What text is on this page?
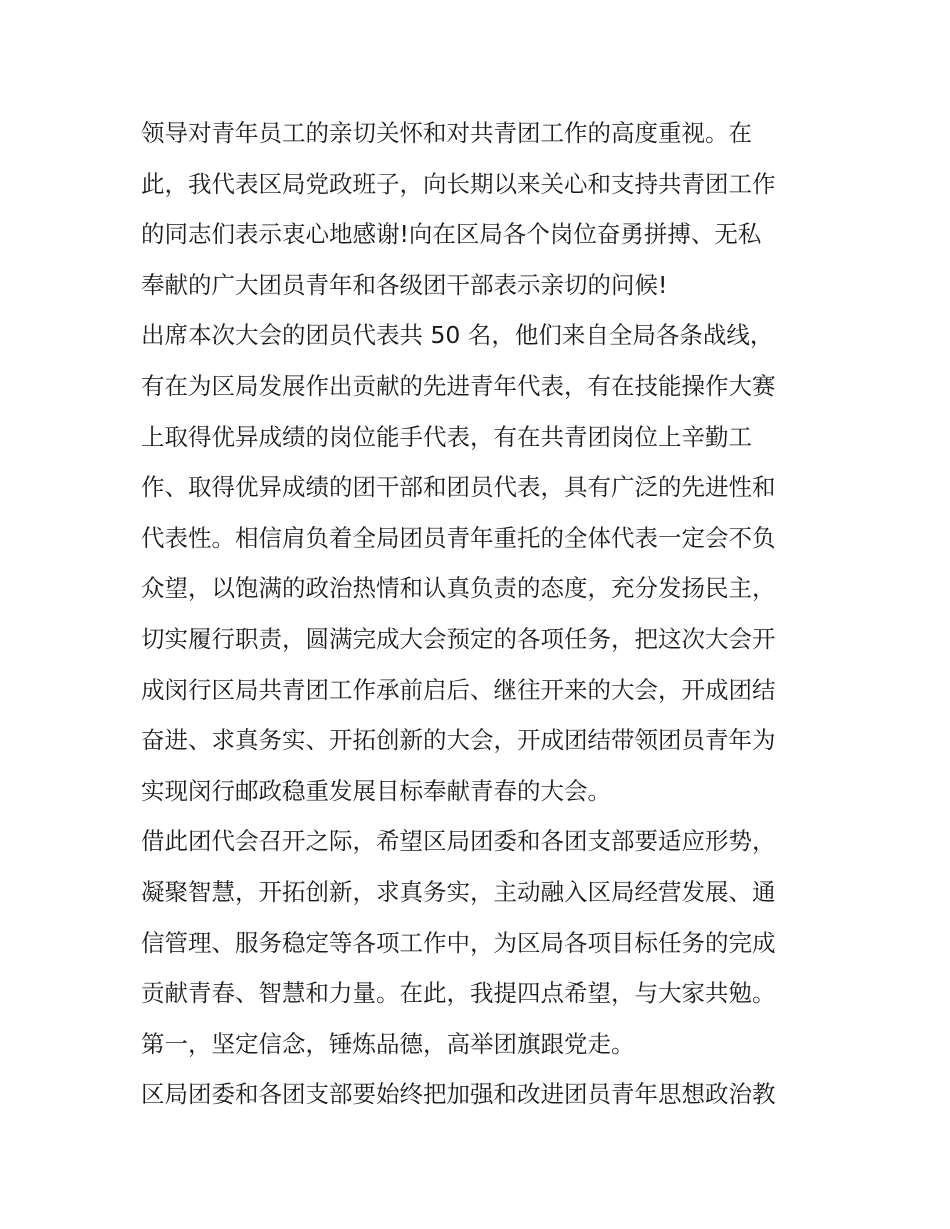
领导对青年员工的亲切关怀和对共青团工作的高度重视。在
此，我代表区局党政班子，向长期以来关心和支持共青团工作
的同志们表示衷心地感谢!向在区局各个岗位奋勇拼搏、无私
奉献的广大团员青年和各级团干部表示亲切的问候!
出席本次大会的团员代表共 50 名，他们来自全局各条战线，
有在为区局发展作出贡献的先进青年代表，有在技能操作大赛
上取得优异成绩的岗位能手代表，有在共青团岗位上辛勤工
作、取得优异成绩的团干部和团员代表，具有广泛的先进性和
代表性。相信肩负着全局团员青年重托的全体代表一定会不负
众望，以饱满的政治热情和认真负责的态度，充分发扬民主，
切实履行职责，圆满完成大会预定的各项任务，把这次大会开
成闵行区局共青团工作承前启后、继往开来的大会，开成团结
奋进、求真务实、开拓创新的大会，开成团结带领团员青年为
实现闵行邮政稳重发展目标奉献青春的大会。
借此团代会召开之际，希望区局团委和各团支部要适应形势，
凝聚智慧，开拓创新，求真务实，主动融入区局经营发展、通
信管理、服务稳定等各项工作中，为区局各项目标任务的完成
贡献青春、智慧和力量。在此，我提四点希望，与大家共勉。
第一，坚定信念，锤炼品德，高举团旗跟党走。
区局团委和各团支部要始终把加强和改进团员青年思想政治教
